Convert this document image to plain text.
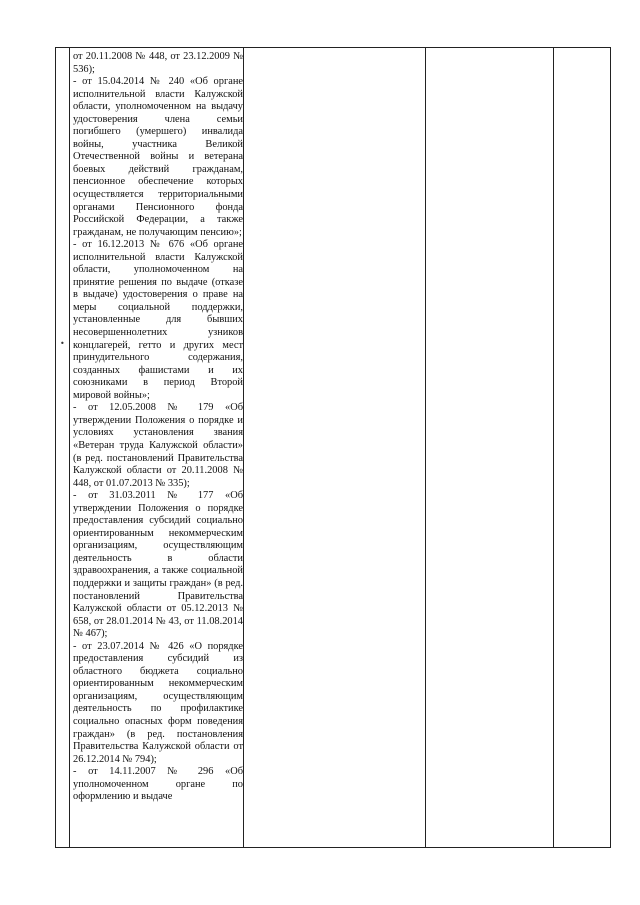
•

от 20.11.2008 № 448, от 23.12.2009 № 536);

- от 15.04.2014 № 240 «Об органе исполнительной власти Калужской области, уполномоченном на выдачу удостоверения члена семьи погибшего (умершего) инвалида войны, участника Великой Отечественной войны и ветерана боевых действий гражданам, пенсионное обеспечение которых осуществляется территориальными органами Пенсионного фонда Российской Федерации, а также гражданам, не получающим пенсию»;

- от 16.12.2013 № 676 «Об органе исполнительной власти Калужской области, уполномоченном на принятие решения по выдаче (отказе в выдаче) удостоверения о праве на меры социальной поддержки, установленные для бывших несовершеннолетних узников концлагерей, гетто и других мест принудительного содержания, созданных фашистами и их союзниками в период Второй мировой войны»;

- от 12.05.2008 № 179 «Об утверждении Положения о порядке и условиях установления звания «Ветеран труда Калужской области» (в ред. постановлений Правительства Калужской области от 20.11.2008 № 448, от 01.07.2013 № 335);

- от 31.03.2011 № 177 «Об утверждении Положения о порядке предоставления субсидий социально ориентированным некоммерческим организациям, осуществляющим деятельность в области здравоохранения, а также социальной поддержки и защиты граждан» (в ред. постановлений Правительства Калужской области от 05.12.2013 № 658, от 28.01.2014 № 43, от 11.08.2014 № 467);

- от 23.07.2014 № 426 «О порядке предоставления субсидий из областного бюджета социально ориентированным некоммерческим организациям, осуществляющим деятельность по профилактике социально опасных форм поведения граждан» (в ред. постановления Правительства Калужской области от 26.12.2014 № 794);

- от 14.11.2007 № 296 «Об уполномоченном органе по оформлению и выдаче
